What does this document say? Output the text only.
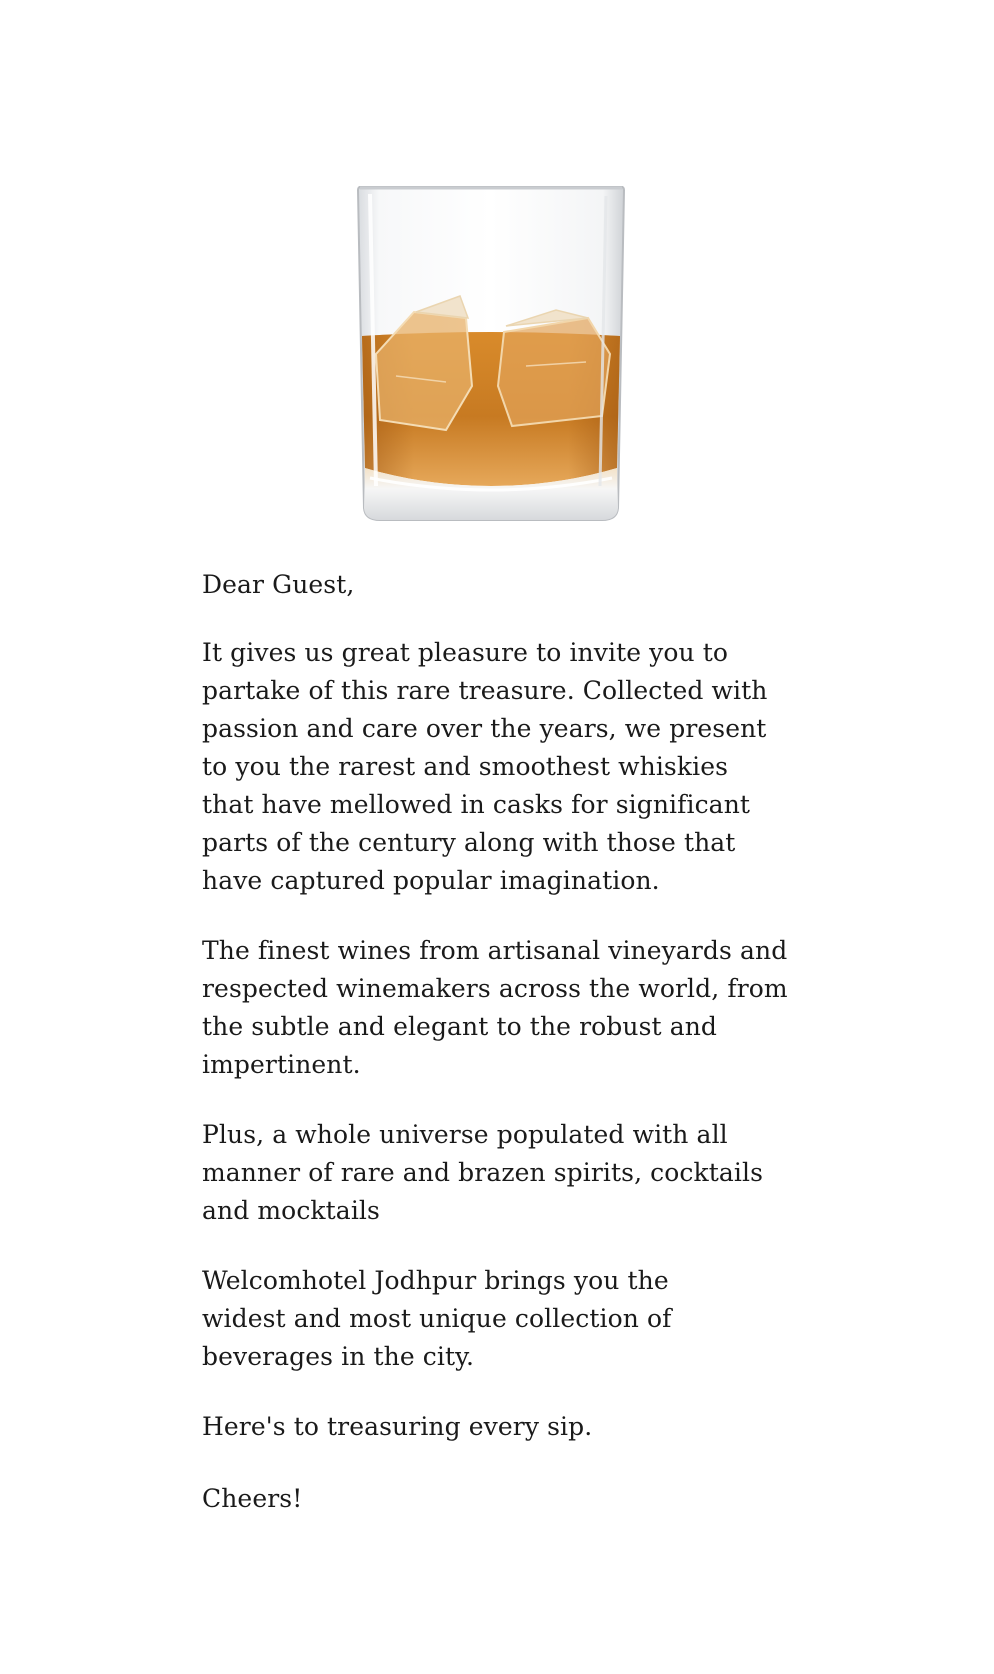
Dear Guest,

It gives us great pleasure to invite you to
partake of this rare treasure. Collected with
passion and care over the years, we present
to you the rarest and smoothest whiskies
that have mellowed in casks for significant
parts of the century along with those that
have captured popular imagination.

The finest wines from artisanal vineyards and
respected winemakers across the world, from
the subtle and elegant to the robust and
impertinent.

Plus, a whole universe populated with all
manner of rare and brazen spirits, cocktails
and mocktails

Welcomhotel Jodhpur brings you the
widest and most unique collection of
beverages in the city.

Here's to treasuring every sip.

Cheers!
